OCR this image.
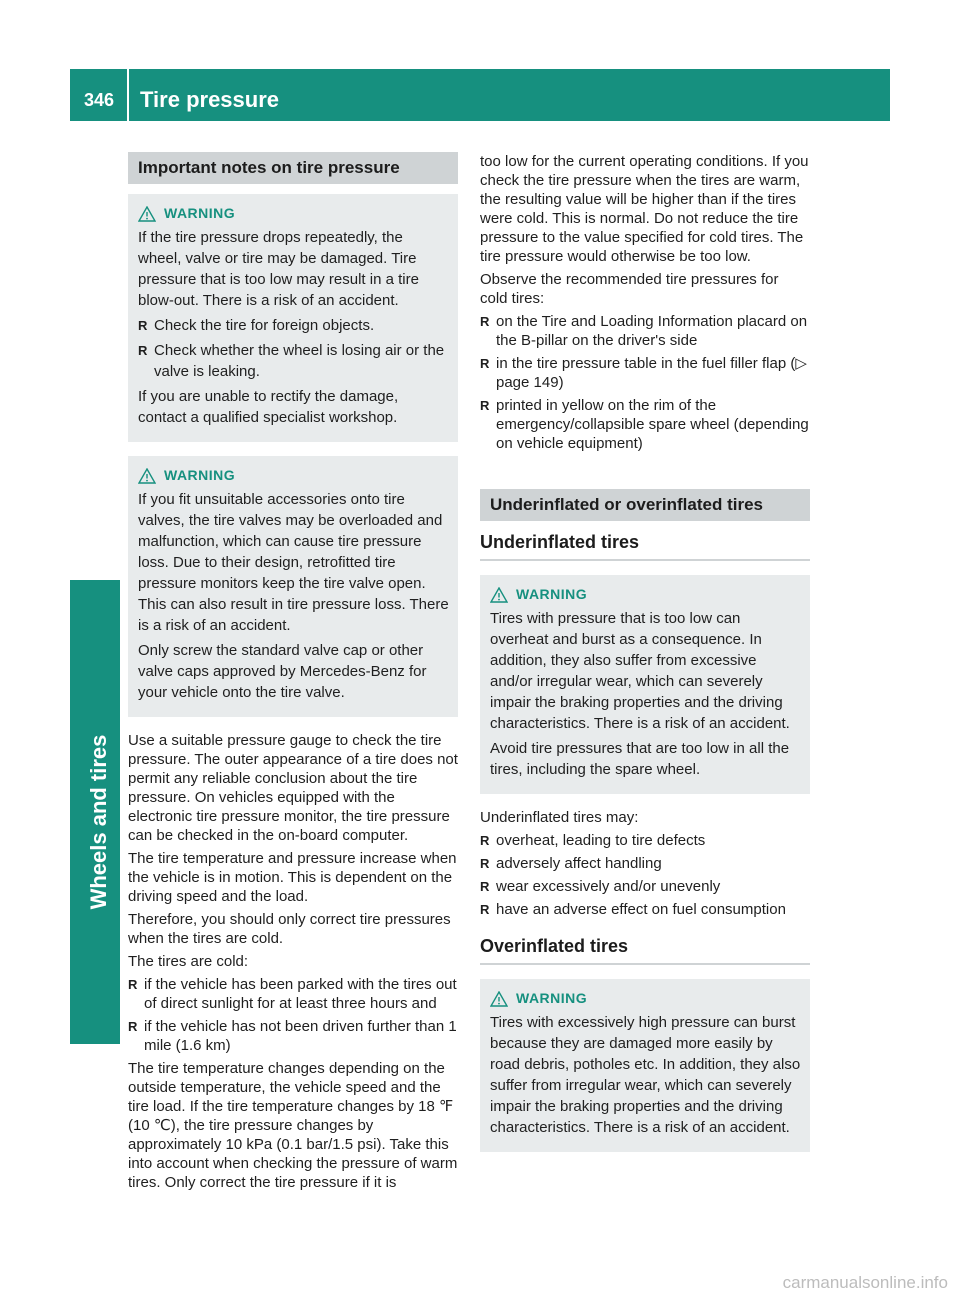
346 Tire pressure
Wheels and tires
Important notes on tire pressure
WARNING

If the tire pressure drops repeatedly, the wheel, valve or tire may be damaged. Tire pressure that is too low may result in a tire blow-out. There is a risk of an accident.

R Check the tire for foreign objects.

R Check whether the wheel is losing air or the valve is leaking.

If you are unable to rectify the damage, contact a qualified specialist workshop.

WARNING

If you fit unsuitable accessories onto tire valves, the tire valves may be overloaded and malfunction, which can cause tire pressure loss. Due to their design, retrofitted tire pressure monitors keep the tire valve open. This can also result in tire pressure loss. There is a risk of an accident.

Only screw the standard valve cap or other valve caps approved by Mercedes-Benz for your vehicle onto the tire valve.

Use a suitable pressure gauge to check the tire pressure. The outer appearance of a tire does not permit any reliable conclusion about the tire pressure. On vehicles equipped with the electronic tire pressure monitor, the tire pressure can be checked in the on-board computer.

The tire temperature and pressure increase when the vehicle is in motion. This is dependent on the driving speed and the load.

Therefore, you should only correct tire pressures when the tires are cold.

The tires are cold:

R if the vehicle has been parked with the tires out of direct sunlight for at least three hours and

R if the vehicle has not been driven further than 1 mile (1.6 km)

The tire temperature changes depending on the outside temperature, the vehicle speed and the tire load. If the tire temperature changes by 18 ℉ (10 ℃), the tire pressure changes by approximately 10 kPa (0.1 bar/1.5 psi). Take this into account when checking the pressure of warm tires. Only correct the tire pressure if it is

too low for the current operating conditions. If you check the tire pressure when the tires are warm, the resulting value will be higher than if the tires were cold. This is normal. Do not reduce the tire pressure to the value specified for cold tires. The tire pressure would otherwise be too low.

Observe the recommended tire pressures for cold tires:

R on the Tire and Loading Information placard on the B-pillar on the driver's side

R in the tire pressure table in the fuel filler flap (▷ page 149)

R printed in yellow on the rim of the emergency/collapsible spare wheel (depending on vehicle equipment)

Underinflated or overinflated tires
Underinflated tires
WARNING

Tires with pressure that is too low can overheat and burst as a consequence. In addition, they also suffer from excessive and/or irregular wear, which can severely impair the braking properties and the driving characteristics. There is a risk of an accident.

Avoid tire pressures that are too low in all the tires, including the spare wheel.

Underinflated tires may:

R overheat, leading to tire defects

R adversely affect handling

R wear excessively and/or unevenly

R have an adverse effect on fuel consumption

Overinflated tires
WARNING

Tires with excessively high pressure can burst because they are damaged more easily by road debris, potholes etc. In addition, they also suffer from irregular wear, which can severely impair the braking properties and the driving characteristics. There is a risk of an accident.

carmanualsonline.info
